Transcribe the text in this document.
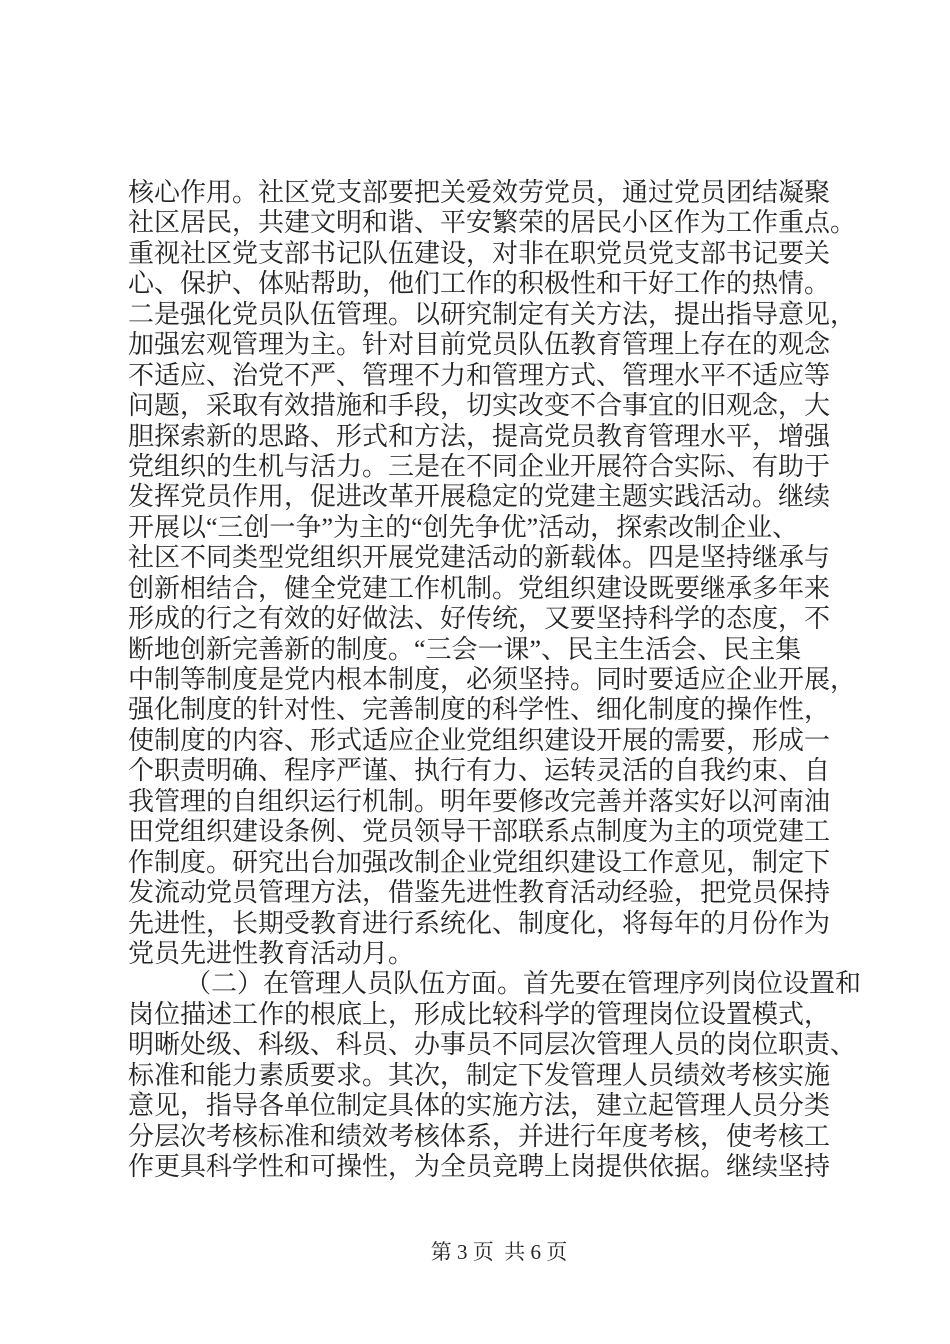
核心作用。社区党支部要把关爱效劳党员，通过党员团结凝聚
社区居民，共建文明和谐、平安繁荣的居民小区作为工作重点。
重视社区党支部书记队伍建设，对非在职党员党支部书记要关
心、保护、体贴帮助，他们工作的积极性和干好工作的热情。
二是强化党员队伍管理。以研究制定有关方法，提出指导意见，
加强宏观管理为主。针对目前党员队伍教育管理上存在的观念
不适应、治党不严、管理不力和管理方式、管理水平不适应等
问题，采取有效措施和手段，切实改变不合事宜的旧观念，大
胆探索新的思路、形式和方法，提高党员教育管理水平，增强
党组织的生机与活力。三是在不同企业开展符合实际、有助于
发挥党员作用，促进改革开展稳定的党建主题实践活动。继续
开展以“三创一争”为主的“创先争优”活动，探索改制企业、
社区不同类型党组织开展党建活动的新载体。四是坚持继承与
创新相结合，健全党建工作机制。党组织建设既要继承多年来
形成的行之有效的好做法、好传统，又要坚持科学的态度，不
断地创新完善新的制度。“三会一课”、民主生活会、民主集
中制等制度是党内根本制度，必须坚持。同时要适应企业开展，
强化制度的针对性、完善制度的科学性、细化制度的操作性，
使制度的内容、形式适应企业党组织建设开展的需要，形成一
个职责明确、程序严谨、执行有力、运转灵活的自我约束、自
我管理的自组织运行机制。明年要修改完善并落实好以河南油
田党组织建设条例、党员领导干部联系点制度为主的项党建工
作制度。研究出台加强改制企业党组织建设工作意见，制定下
发流动党员管理方法，借鉴先进性教育活动经验，把党员保持
先进性，长期受教育进行系统化、制度化，将每年的月份作为
党员先进性教育活动月。
（二）在管理人员队伍方面。首先要在管理序列岗位设置和
岗位描述工作的根底上，形成比较科学的管理岗位设置模式，
明晰处级、科级、科员、办事员不同层次管理人员的岗位职责、
标准和能力素质要求。其次，制定下发管理人员绩效考核实施
意见，指导各单位制定具体的实施方法，建立起管理人员分类
分层次考核标准和绩效考核体系，并进行年度考核，使考核工
作更具科学性和可操性，为全员竞聘上岗提供依据。继续坚持
第 3 页  共 6 页
